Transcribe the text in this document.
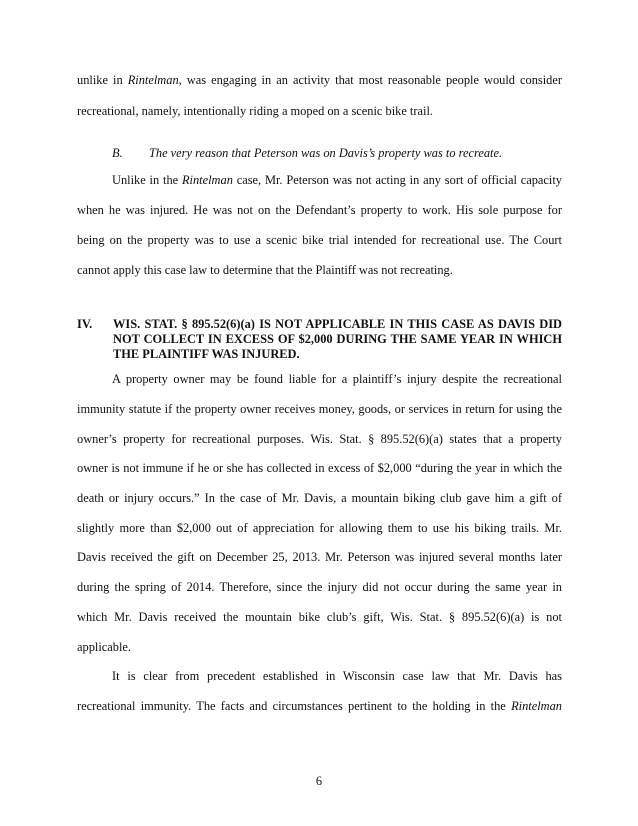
unlike in Rintelman, was engaging in an activity that most reasonable people would consider
recreational, namely, intentionally riding a moped on a scenic bike trail.
B. The very reason that Peterson was on Davis’s property was to recreate.
Unlike in the Rintelman case, Mr. Peterson was not acting in any sort of official capacity
when he was injured. He was not on the Defendant’s property to work. His sole purpose for
being on the property was to use a scenic bike trial intended for recreational use. The Court
cannot apply this case law to determine that the Plaintiff was not recreating.
IV. WIS. STAT. § 895.52(6)(a) IS NOT APPLICABLE IN THIS CASE AS DAVIS DID
NOT COLLECT IN EXCESS OF $2,000 DURING THE SAME YEAR IN WHICH
THE PLAINTIFF WAS INJURED.
A property owner may be found liable for a plaintiff’s injury despite the recreational
immunity statute if the property owner receives money, goods, or services in return for using the
owner’s property for recreational purposes. Wis. Stat. § 895.52(6)(a) states that a property
owner is not immune if he or she has collected in excess of $2,000 “during the year in which the
death or injury occurs.” In the case of Mr. Davis, a mountain biking club gave him a gift of
slightly more than $2,000 out of appreciation for allowing them to use his biking trails. Mr.
Davis received the gift on December 25, 2013. Mr. Peterson was injured several months later
during the spring of 2014. Therefore, since the injury did not occur during the same year in
which Mr. Davis received the mountain bike club’s gift, Wis. Stat. § 895.52(6)(a) is not
applicable.
It is clear from precedent established in Wisconsin case law that Mr. Davis has
recreational immunity. The facts and circumstances pertinent to the holding in the Rintelman
6
